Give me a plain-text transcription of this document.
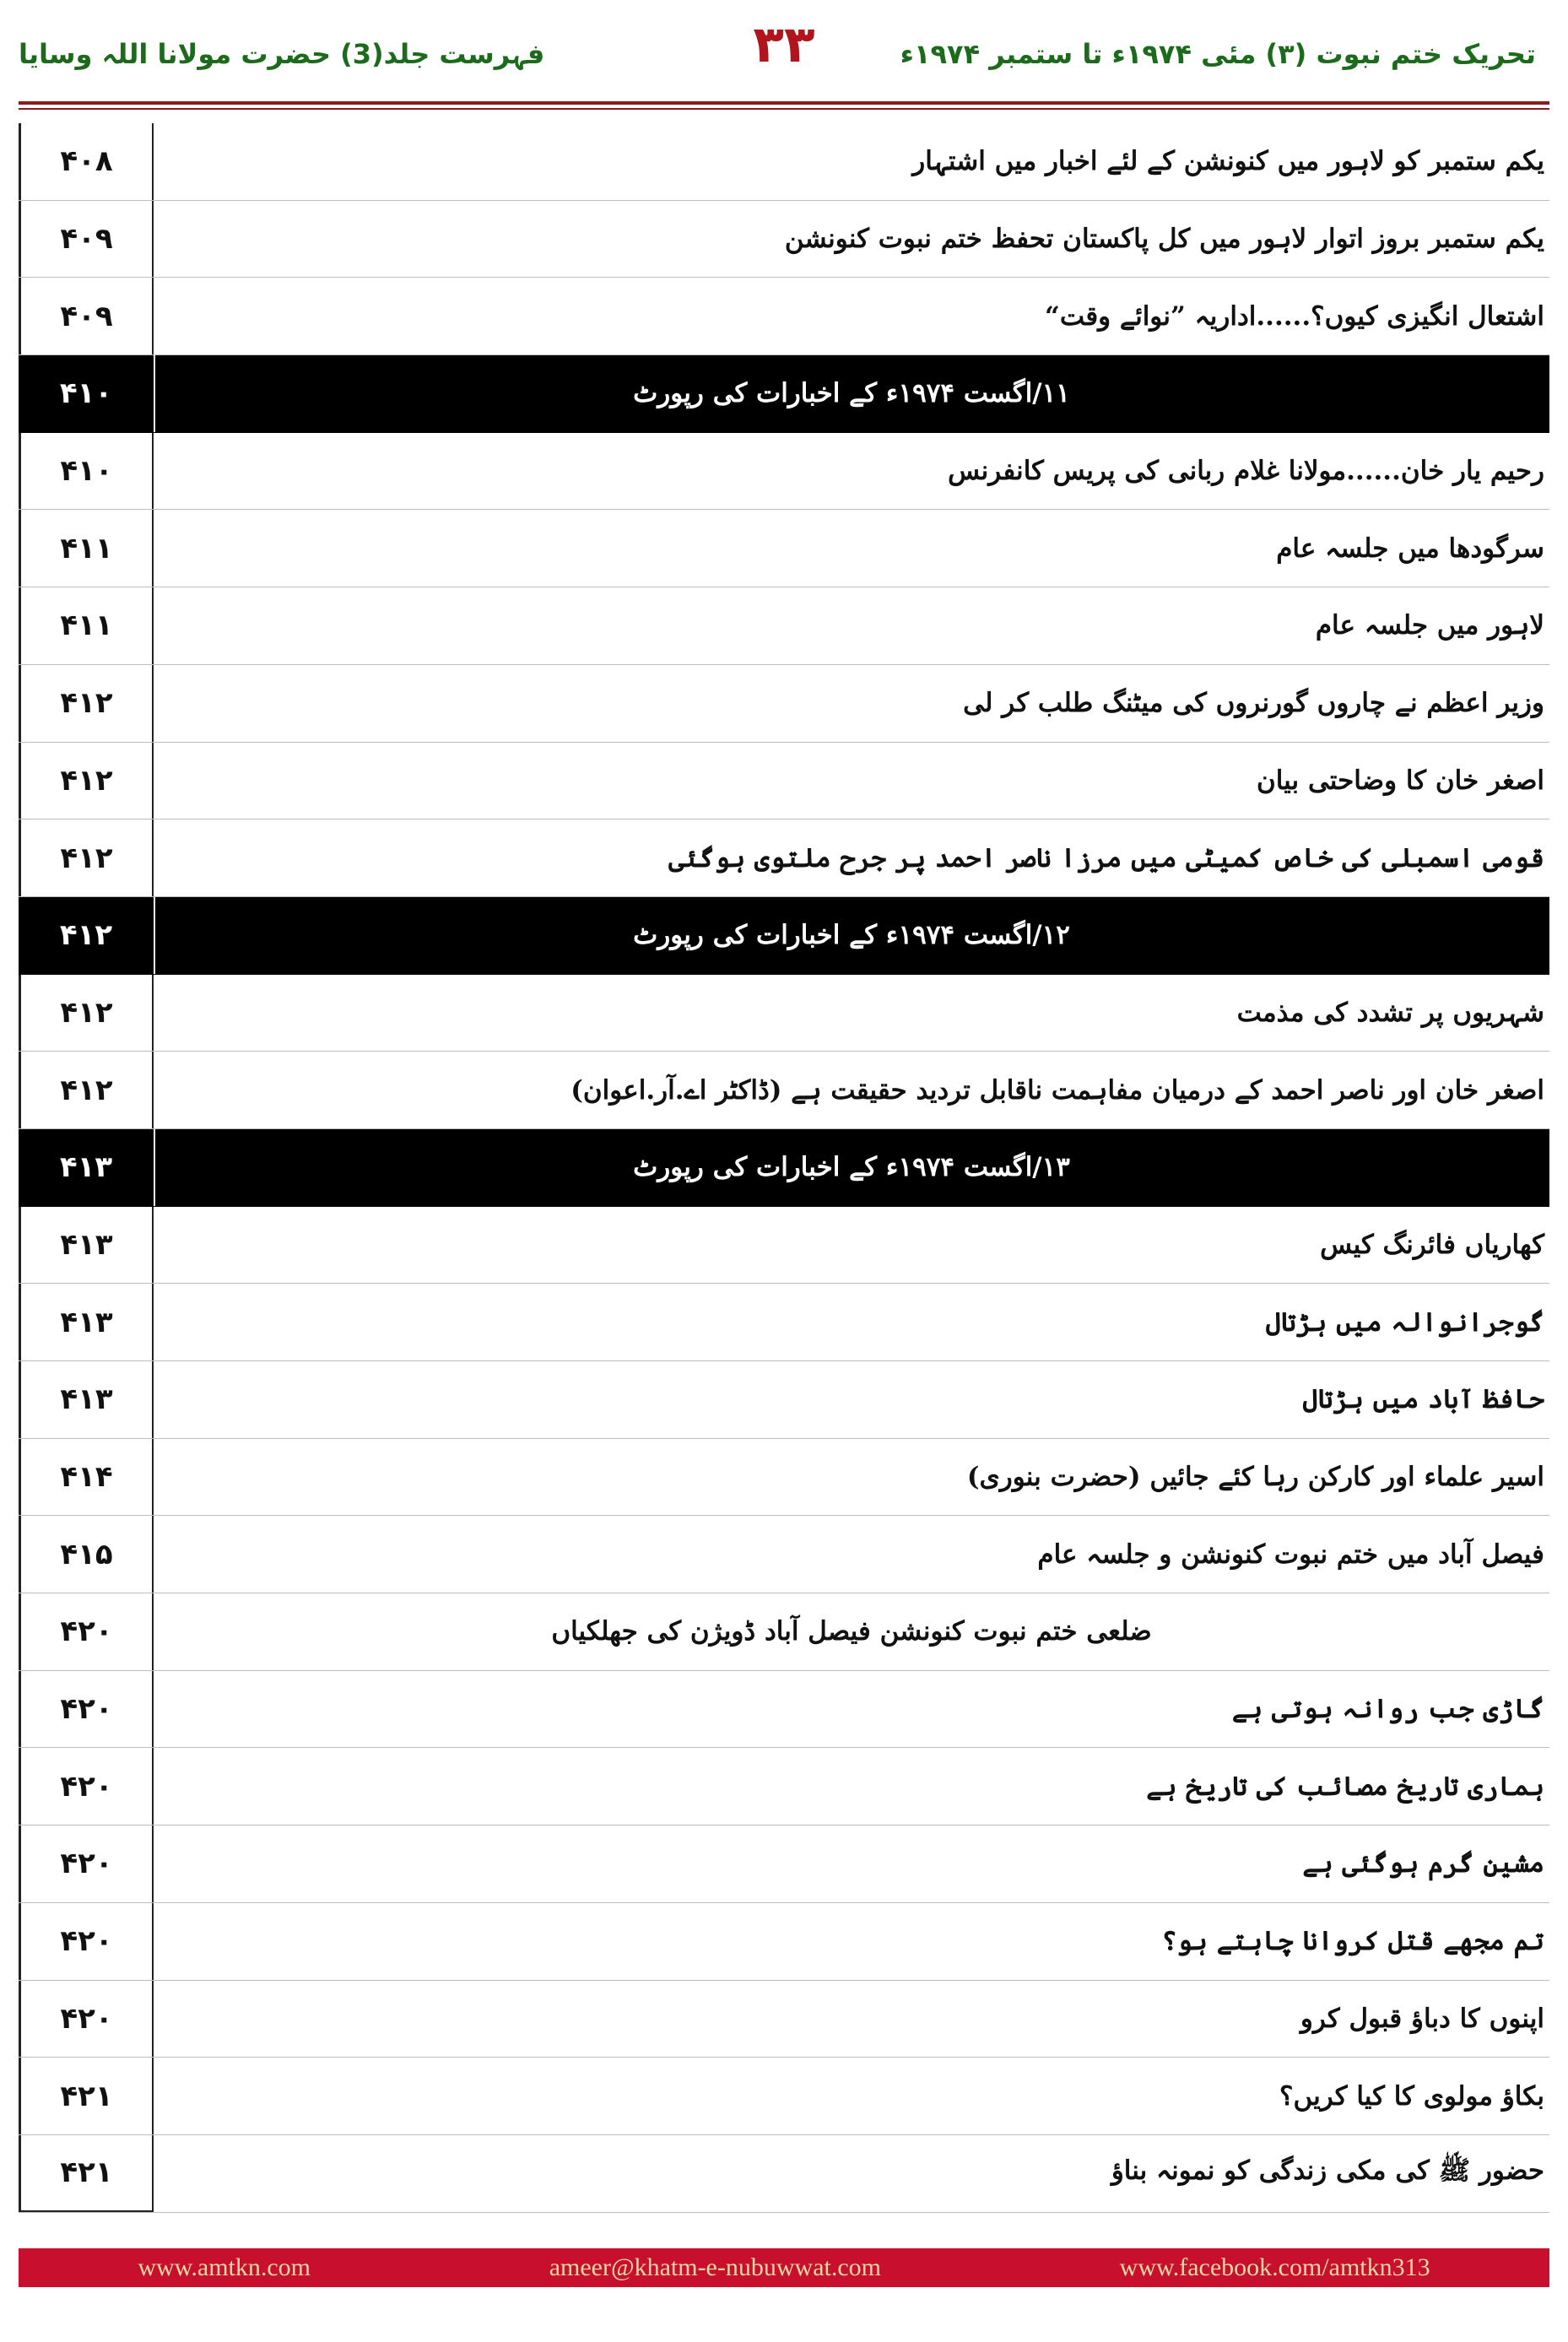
فہرست جلد(3) حضرت مولانا اللہ وسایا	۳۳	تحریک ختم نبوت (۳) مئی ۱۹۷۴ء تا ستمبر ۱۹۷۴ء
۴۰۸	یکم ستمبر کو لاہور میں کنونشن کے لئے اخبار میں اشتہار
۴۰۹	یکم ستمبر بروز اتوار لاہور میں کل پاکستان تحفظ ختم نبوت کنونشن
۴۰۹	اشتعال انگیزی کیوں؟......اداریہ ”نوائے وقت“
۴۱۰	۱۱/اگست ۱۹۷۴ء کے اخبارات کی رپورٹ
۴۱۰	رحیم یار خان......مولانا غلام ربانی کی پریس کانفرنس
۴۱۱	سرگودھا میں جلسہ عام
۴۱۱	لاہور میں جلسہ عام
۴۱۲	وزیر اعظم نے چاروں گورنروں کی میٹنگ طلب کر لی
۴۱۲	اصغر خان کا وضاحتی بیان
۴۱۲	قومی اسمبلی کی خاص کمیٹی میں مرزا ناصر احمد پر جرح ملتوی ہوگئی
۴۱۲	۱۲/اگست ۱۹۷۴ء کے اخبارات کی رپورٹ
۴۱۲	شہریوں پر تشدد کی مذمت
۴۱۲	اصغر خان اور ناصر احمد کے درمیان مفاہمت ناقابل تردید حقیقت ہے (ڈاکٹر اے.آر.اعوان)
۴۱۳	۱۳/اگست ۱۹۷۴ء کے اخبارات کی رپورٹ
۴۱۳	کھاریاں فائرنگ کیس
۴۱۳	گوجرانوالہ میں ہڑتال
۴۱۳	حافظ آباد میں ہڑتال
۴۱۴	اسیر علماء اور کارکن رہا کئے جائیں (حضرت بنوری)
۴۱۵	فیصل آباد میں ختم نبوت کنونشن و جلسہ عام
۴۲۰	ضلعی ختم نبوت کنونشن فیصل آباد ڈویژن کی جھلکیاں
۴۲۰	گاڑی جب روانہ ہوتی ہے
۴۲۰	ہماری تاریخ مصائب کی تاریخ ہے
۴۲۰	مشین گرم ہوگئی ہے
۴۲۰	تم مجھے قتل کروانا چاہتے ہو؟
۴۲۰	اپنوں کا دباؤ قبول کرو
۴۲۱	بکاؤ مولوی کا کیا کریں؟
۴۲۱	حضور ﷺ کی مکی زندگی کو نمونہ بناؤ
www.amtkn.com	ameer@khatm-e-nubuwwat.com	www.facebook.com/amtkn313
